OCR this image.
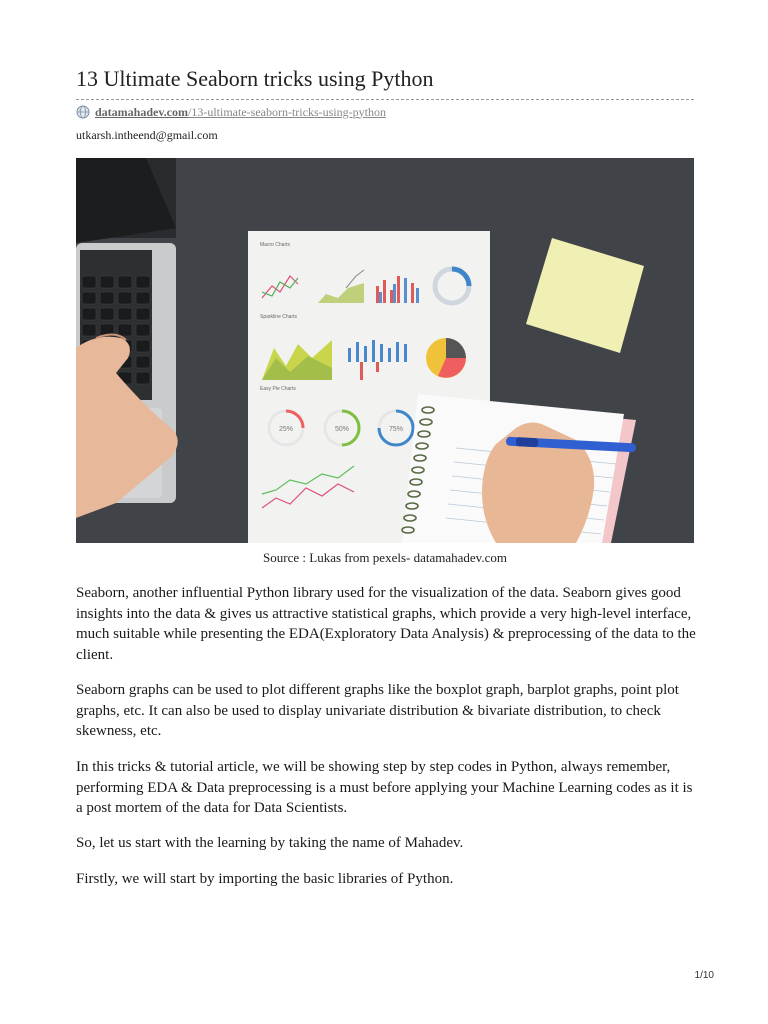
13 Ultimate Seaborn tricks using Python
datamahadev.com/13-ultimate-seaborn-tricks-using-python
utkarsh.intheend@gmail.com
Macro Charts
Sparkline Charts
Easy Pie Charts
25%	50%	75%
Source : Lukas from pexels- datamahadev.com

Seaborn, another influential Python library used for the visualization of the data. Seaborn gives good insights into the data & gives us attractive statistical graphs, which provide a very high-level interface, much suitable while presenting the EDA(Exploratory Data Analysis) & preprocessing of the data to the client.

Seaborn graphs can be used to plot different graphs like the boxplot graph, barplot graphs, point plot graphs, etc. It can also be used to display univariate distribution & bivariate distribution, to check skewness, etc.

In this tricks & tutorial article, we will be showing step by step codes in Python, always remember, performing EDA & Data preprocessing is a must before applying your Machine Learning codes as it is a post mortem of the data for Data Scientists.

So, let us start with the learning by taking the name of Mahadev.

Firstly, we will start by importing the basic libraries of Python.

1/10
